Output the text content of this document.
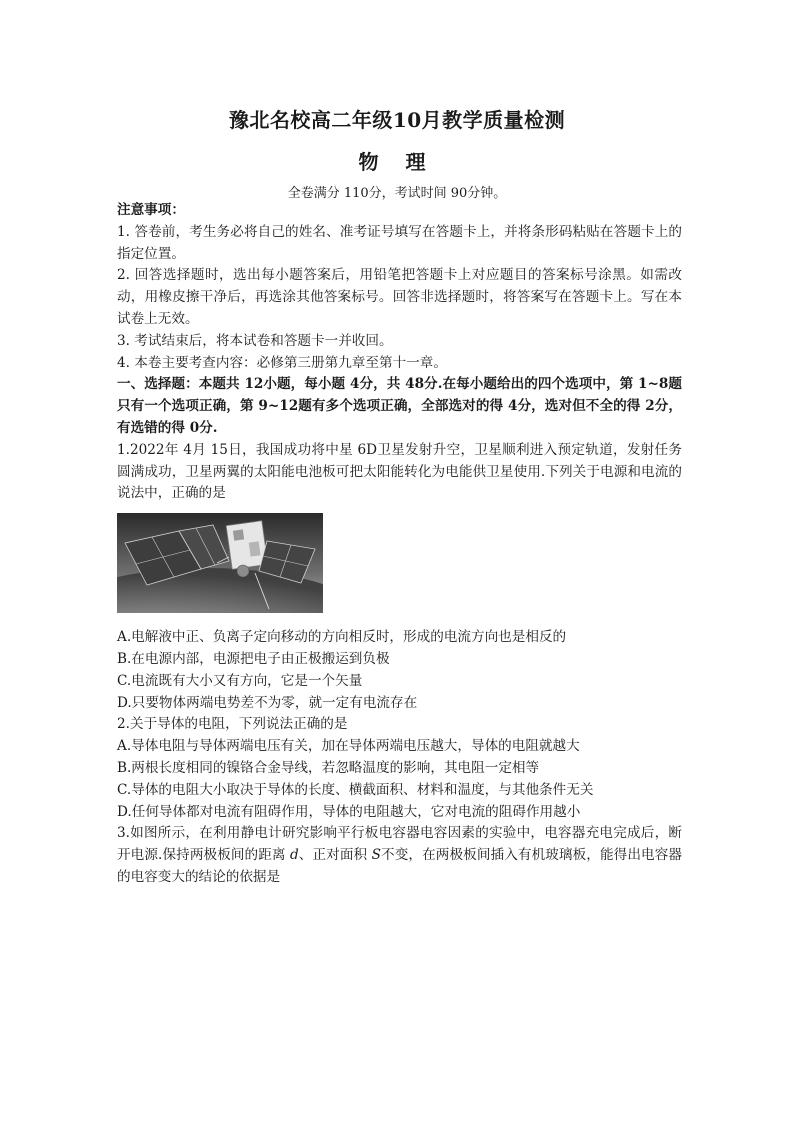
豫北名校高二年级10月教学质量检测
物 理
全卷满分 110分，考试时间 90分钟。
注意事项：

1. 答卷前，考生务必将自己的姓名、准考证号填写在答题卡上，并将条形码粘贴在答题卡上的指定位置。

2. 回答选择题时，选出每小题答案后，用铅笔把答题卡上对应题目的答案标号涂黑。如需改动，用橡皮擦干净后，再选涂其他答案标号。回答非选择题时，将答案写在答题卡上。写在本试卷上无效。

3. 考试结束后，将本试卷和答题卡一并收回。

4. 本卷主要考查内容：必修第三册第九章至第十一章。

一、选择题：本题共 12小题，每小题 4分，共 48分.在每小题给出的四个选项中，第 1~8题只有一个选项正确，第 9~12题有多个选项正确，全部选对的得 4分，选对但不全的得 2分，有选错的得 0分.

1.2022年 4月 15日，我国成功将中星 6D卫星发射升空，卫星顺利进入预定轨道，发射任务圆满成功，卫星两翼的太阳能电池板可把太阳能转化为电能供卫星使用.下列关于电源和电流的说法中，正确的是

A.电解液中正、负离子定向移动的方向相反时，形成的电流方向也是相反的

B.在电源内部，电源把电子由正极搬运到负极

C.电流既有大小又有方向，它是一个矢量

D.只要物体两端电势差不为零，就一定有电流存在

2.关于导体的电阻，下列说法正确的是

A.导体电阻与导体两端电压有关，加在导体两端电压越大，导体的电阻就越大

B.两根长度相同的镍铬合金导线，若忽略温度的影响，其电阻一定相等

C.导体的电阻大小取决于导体的长度、横截面积、材料和温度，与其他条件无关

D.任何导体都对电流有阻碍作用，导体的电阻越大，它对电流的阻碍作用越小

3.如图所示，在利用静电计研究影响平行板电容器电容因素的实验中，电容器充电完成后，断开电源.保持两极板间的距离 d、正对面积 S不变，在两极板间插入有机玻璃板，能得出电容器的电容变大的结论的依据是
